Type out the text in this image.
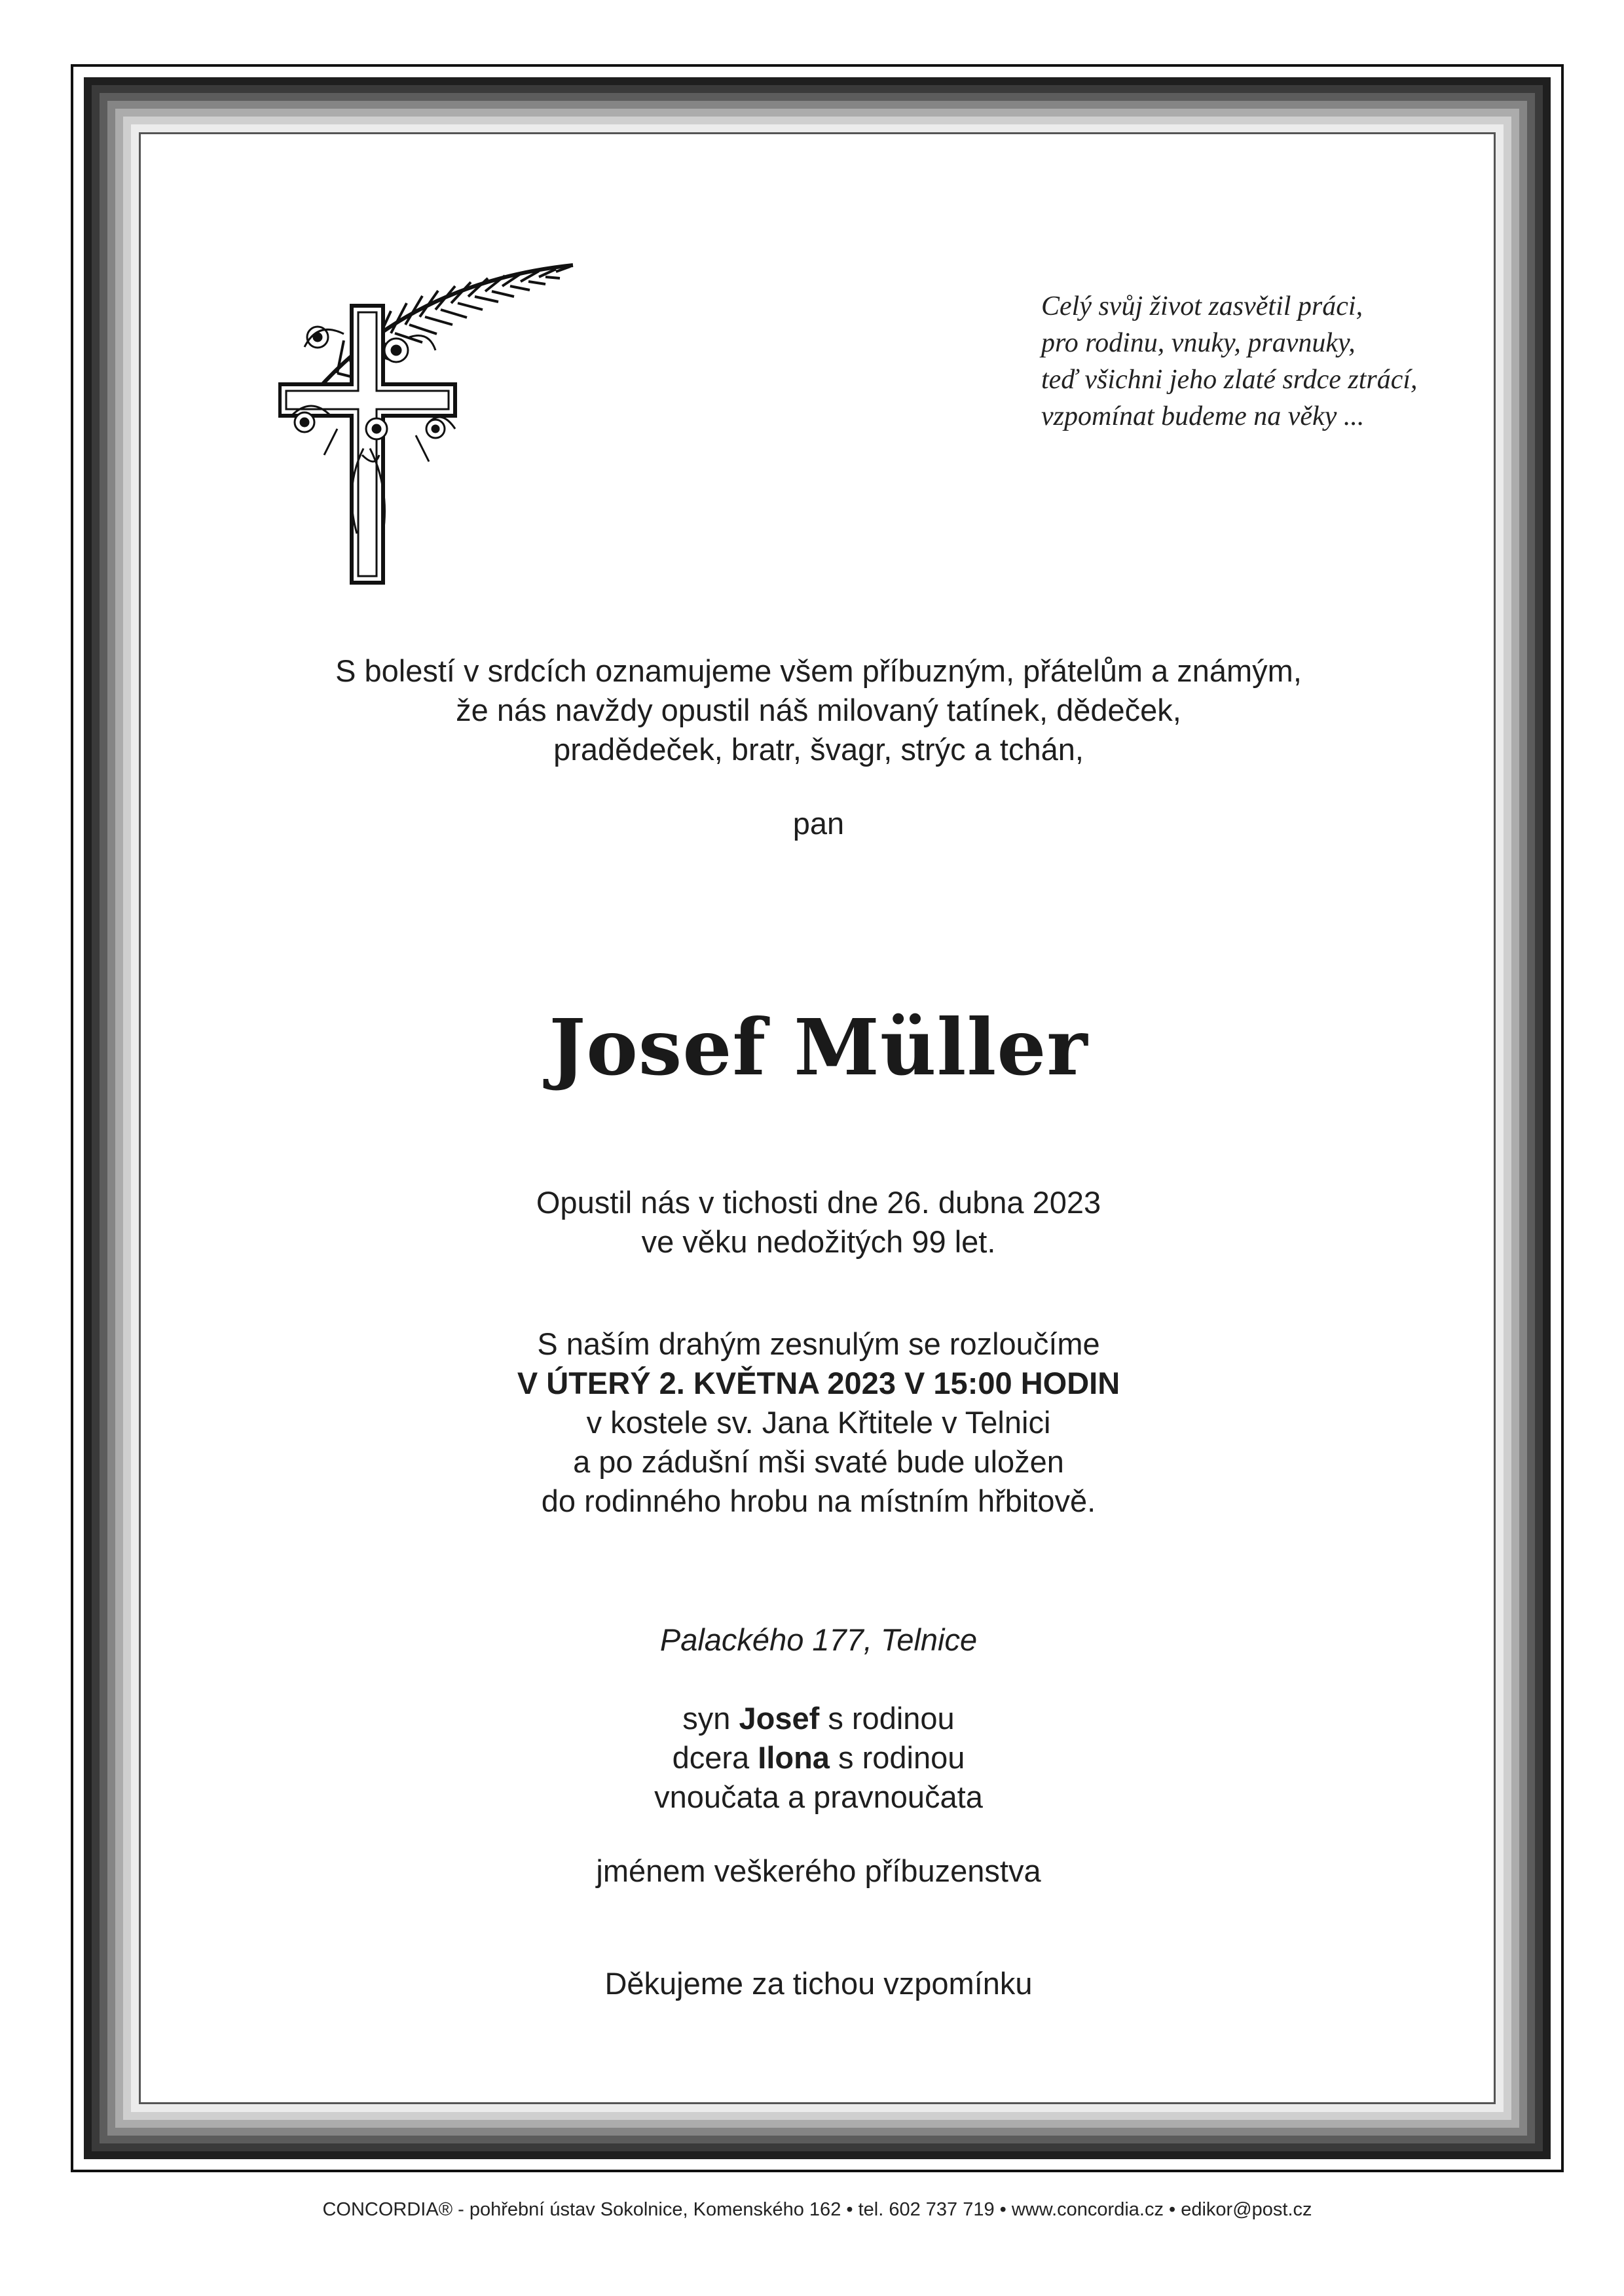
Celý svůj život zasvětil práci,
pro rodinu, vnuky, pravnuky,
teď všichni jeho zlaté srdce ztrácí,
vzpomínat budeme na věky ...
S bolestí v srdcích oznamujeme všem příbuzným, přátelům a známým,
že nás navždy opustil náš milovaný tatínek, dědeček,
pradědeček, bratr, švagr, strýc a tchán,
pan
Josef Müller
Opustil nás v tichosti dne 26. dubna 2023
ve věku nedožitých 99 let.
S naším drahým zesnulým se rozloučíme
V ÚTERÝ 2. KVĚTNA 2023 V 15:00 HODIN
v kostele sv. Jana Křtitele v Telnici
a po zádušní mši svaté bude uložen
do rodinného hrobu na místním hřbitově.
Palackého 177, Telnice
syn Josef s rodinou
dcera Ilona s rodinou
vnoučata a pravnoučata
jménem veškerého příbuzenstva
Děkujeme za tichou vzpomínku
CONCORDIA® - pohřební ústav Sokolnice, Komenského 162 • tel. 602 737 719 • www.concordia.cz • edikor@post.cz
